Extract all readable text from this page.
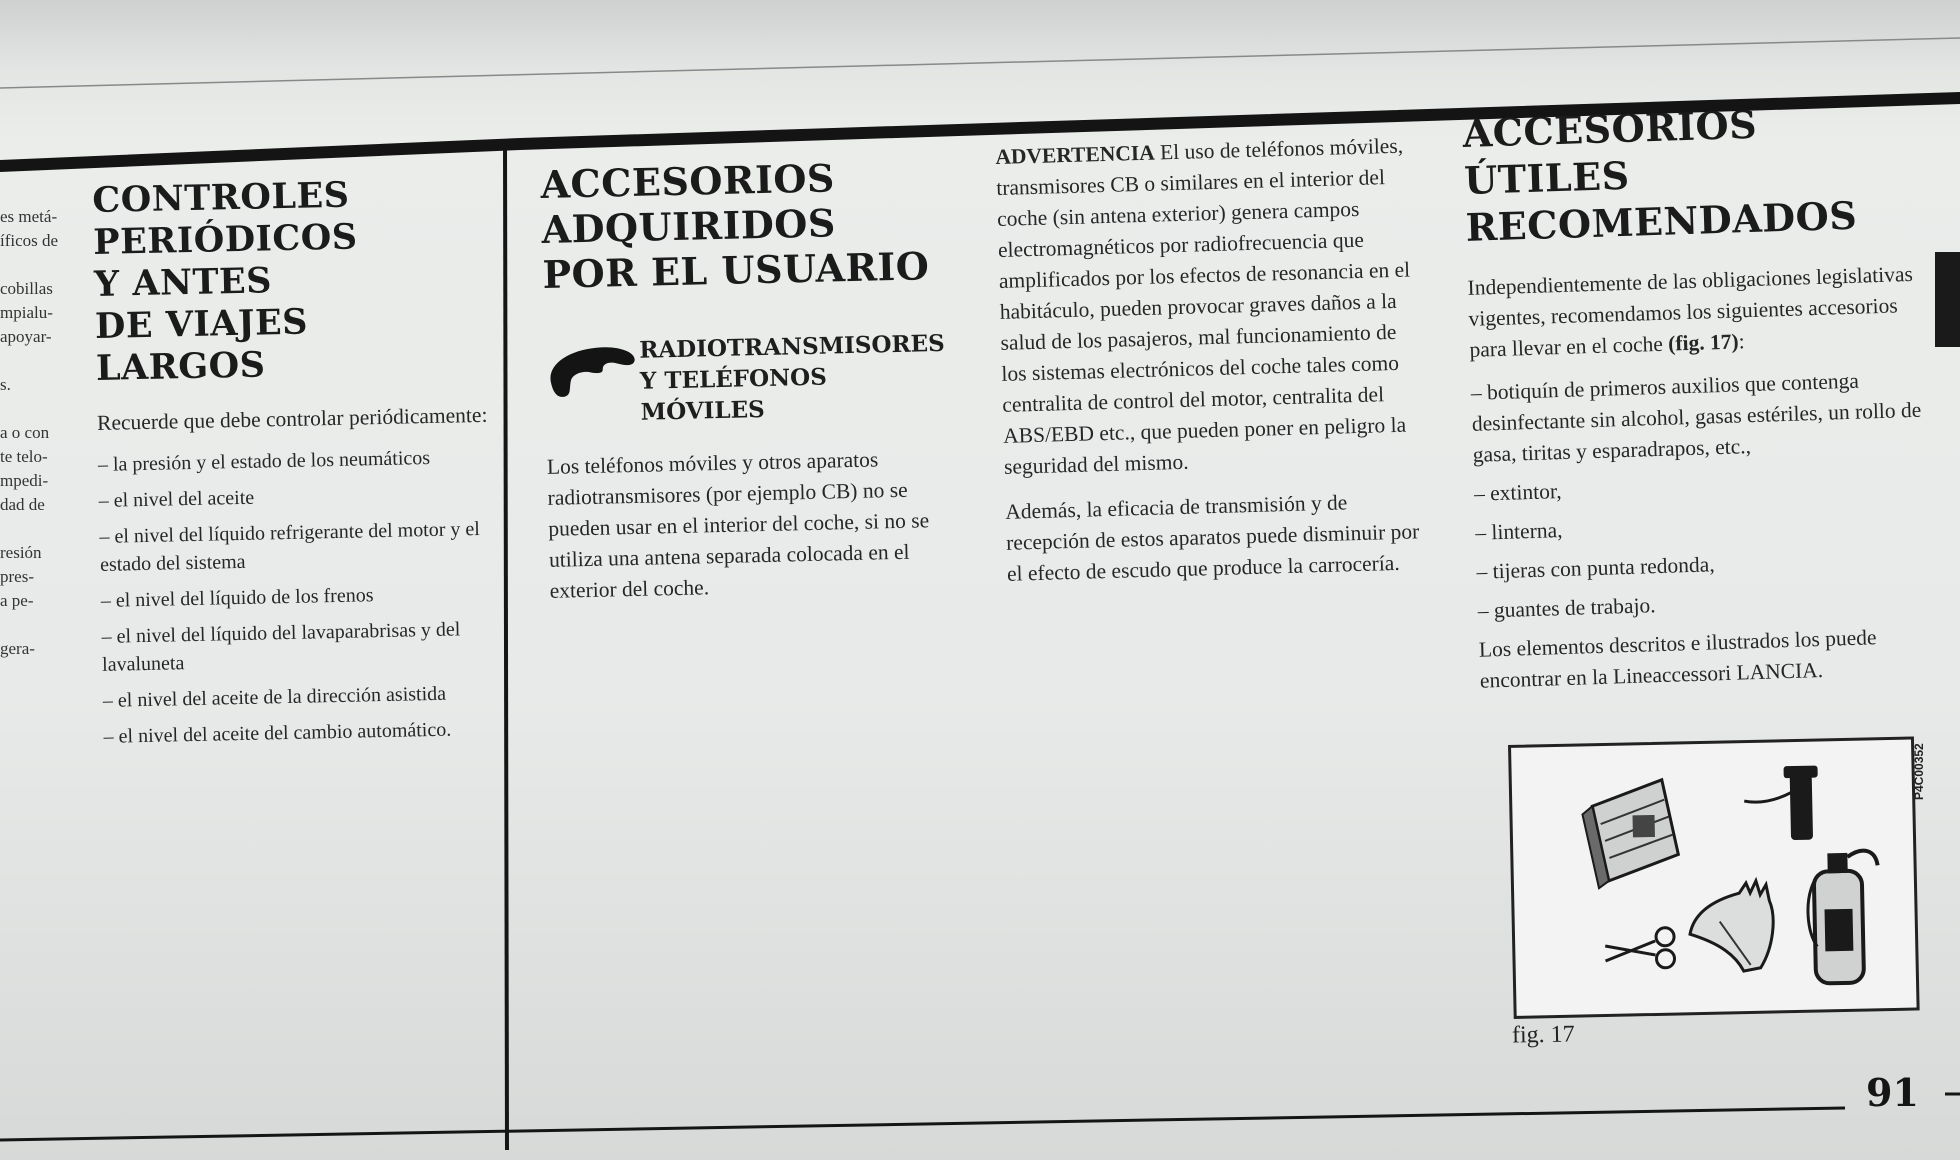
es metá-
íficos de
cobillas
mpialu-
apoyar-
s.
a o con
te telo-
mpedi-
dad de
resión
pres-
a pe-
gera-
CONTROLES
PERIÓDICOS
Y ANTES
DE VIAJES LARGOS

Recuerde que debe controlar periódicamente:

– la presión y el estado de los neumáticos

– el nivel del aceite

– el nivel del líquido refrigerante del motor y el estado del sistema

– el nivel del líquido de los frenos

– el nivel del líquido del lavaparabrisas y del lavaluneta

– el nivel del aceite de la dirección asistida

– el nivel del aceite del cambio automático.

ACCESORIOS
ADQUIRIDOS
POR EL USUARIO
RADIOTRANSMISORES
Y TELÉFONOS
MÓVILES

Los teléfonos móviles y otros aparatos radiotransmisores (por ejemplo CB) no se pueden usar en el interior del coche, si no se utiliza una antena separada colocada en el exterior del coche.

ADVERTENCIA El uso de teléfonos móviles, transmisores CB o similares en el interior del coche (sin antena exterior) genera campos electromagnéticos por radiofrecuencia que amplificados por los efectos de resonancia en el habitáculo, pueden provocar graves daños a la salud de los pasajeros, mal funcionamiento de los sistemas electrónicos del coche tales como centralita de control del motor, centralita del ABS/EBD etc., que pueden poner en peligro la seguridad del mismo.

Además, la eficacia de transmisión y de recepción de estos aparatos puede disminuir por el efecto de escudo que produce la carrocería.

ACCESORIOS
ÚTILES
RECOMENDADOS

Independientemente de las obligaciones legislativas vigentes, recomendamos los siguientes accesorios para llevar en el coche (fig. 17):

– botiquín de primeros auxilios que contenga desinfectante sin alcohol, gasas estériles, un rollo de gasa, tiritas y esparadrapos, etc.,

– extintor,

– linterna,

– tijeras con punta redonda,

– guantes de trabajo.

Los elementos descritos e ilustrados los puede encontrar en la Lineaccessori LANCIA.

P4C00352
fig. 17
91
